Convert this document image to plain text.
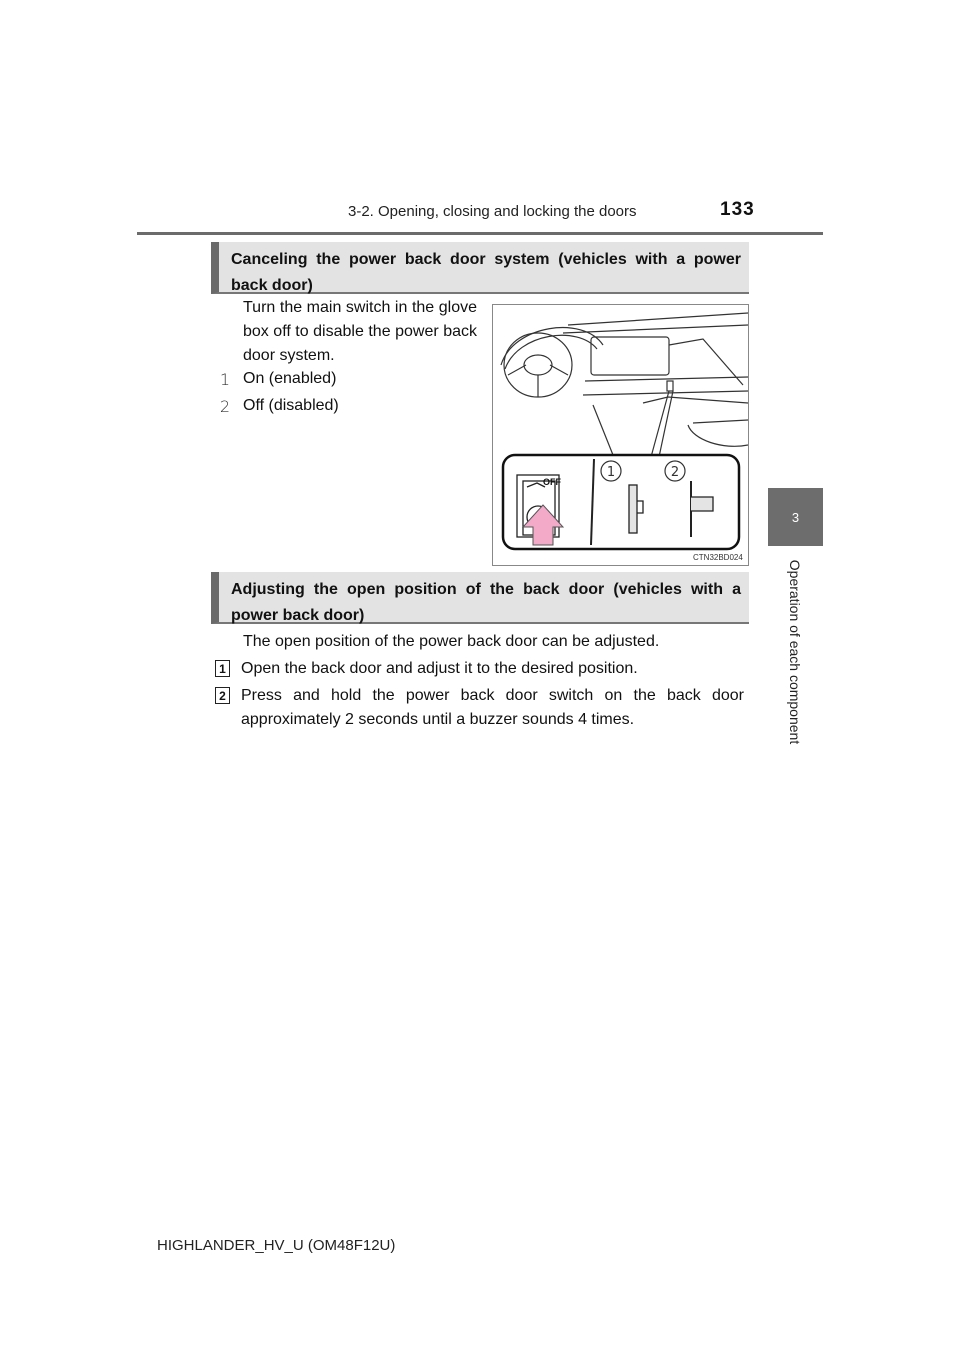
3-2. Opening, closing and locking the doors	133
3
Operation of each component
Canceling the power back door system (vehicles with a power back door)
Turn the main switch in the glove box off to disable the power back door system.
1 On (enabled)
2 Off (disabled)
OFF
1	2
CTN32BD024
Adjusting the open position of the back door (vehicles with a power back door)
The open position of the power back door can be adjusted.
1 Open the back door and adjust it to the desired position.
2 Press and hold the power back door switch on the back door approximately 2 seconds until a buzzer sounds 4 times.
HIGHLANDER_HV_U (OM48F12U)
